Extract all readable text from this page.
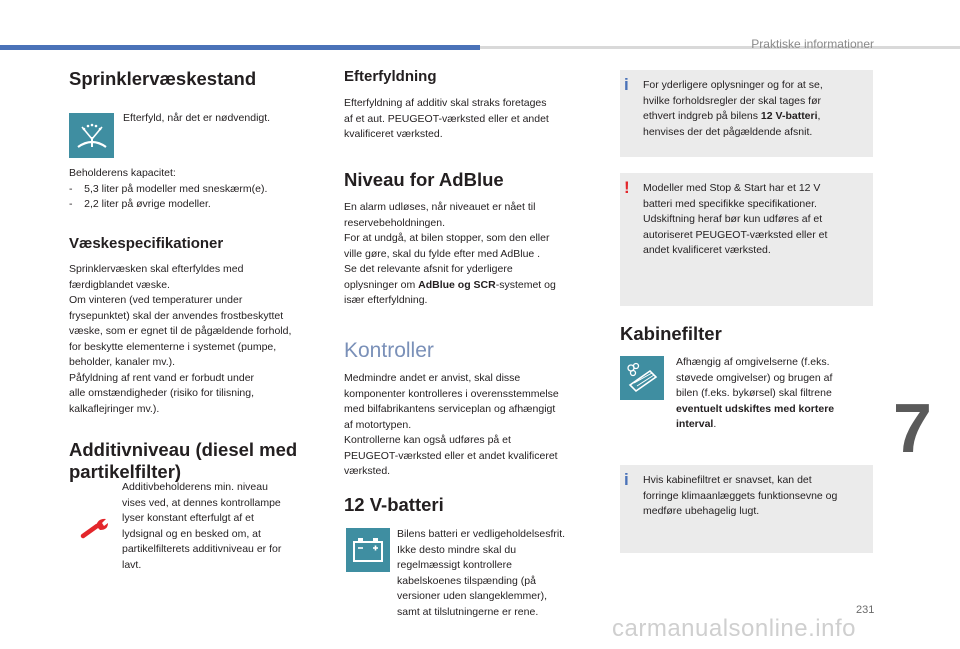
Praktiske informationer
7
231
carmanualsonline.info
Sprinklervæskestand

Efterfyld, når det er nødvendigt.

Beholderens kapacitet:

-    5,3 liter på modeller med sneskærm(e).

-    2,2 liter på øvrige modeller.

Væskespecifikationer

Sprinklervæsken skal efterfyldes med

færdigblandet væske.

Om vinteren (ved temperaturer under

frysepunktet) skal der anvendes frostbeskyttet

væske, som er egnet til de pågældende forhold,

for beskytte elementerne i systemet (pumpe,

beholder, kanaler mv.).

Påfyldning af rent vand er forbudt under

alle omstændigheder (risiko for tilisning,

kalkaflejringer mv.).

Additivniveau (diesel med
partikelfilter)

Additivbeholderens min. niveau

vises ved, at dennes kontrollampe

lyser konstant efterfulgt af et

lydsignal og en besked om, at

partikelfilterets additivniveau er for

lavt.

Efterfyldning

Efterfyldning af additiv skal straks foretages

af et aut. PEUGEOT-værksted eller et andet

kvalificeret værksted.

Niveau for AdBlue

En alarm udløses, når niveauet er nået til

reservebeholdningen.

For at undgå, at bilen stopper, som den eller

ville gøre, skal du fylde efter med AdBlue .

Se det relevante afsnit for yderligere

oplysninger om AdBlue og SCR-systemet og

især efterfyldning.

Kontroller

Medmindre andet er anvist, skal disse

komponenter kontrolleres i overensstemmelse

med bilfabrikantens serviceplan og afhængigt

af motortypen.

Kontrollerne kan også udføres på et

PEUGEOT-værksted eller et andet kvalificeret

værksted.

12 V-batteri

Bilens batteri er vedligeholdelsesfrit.

Ikke desto mindre skal du

regelmæssigt kontrollere

kabelskoenes tilspænding (på

versioner uden slangeklemmer),

samt at tilslutningerne er rene.

i For yderligere oplysninger og for at se,
hvilke forholdsregler der skal tages før
ethvert indgreb på bilens 12 V-batteri,
henvises der det pågældende afsnit.

! Modeller med Stop & Start har et 12 V
batteri med specifikke specifikationer.
Udskiftning heraf bør kun udføres af et
autoriseret PEUGEOT-værksted eller et
andet kvalificeret værksted.

Kabinefilter

Afhængig af omgivelserne (f.eks.

støvede omgivelser) og brugen af

bilen (f.eks. bykørsel) skal filtrene

eventuelt udskiftes med kortere

interval.

i Hvis kabinefiltret er snavset, kan det
forringe klimaanlæggets funktionsevne og
medføre ubehagelig lugt.
